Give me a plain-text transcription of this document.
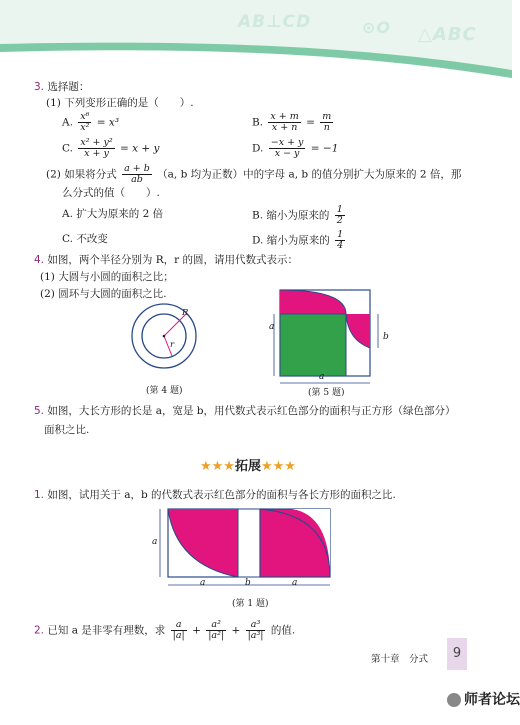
AB⊥CD	⊙O △ABC
3. 选择题：
(1) 下列变形正确的是（　　）.
A. $\frac{\text{x⁶}}{\text{x²}} = x^3$	B. $\frac{x + m}{x + n} = \frac{m}{n}$
C. $\frac{\text{x² + y²}}{x + y} = x + y$	D. $\frac{-x + y}{x - y} = -1$
(2) 如果将分式 $\frac{a + b}{ab} (a$, b 均为正数）中的字母 a, b 的值分别扩大为原来的 2 倍，那
么分式的值（　　）.
A. 扩大为原来的 2 倍	B. 缩小为原来的 $\frac{1}{2}$
C. 不改变	D. 缩小为原来的 $\frac{1}{4}$
4. 如图，两个半径分别为 R，r 的圆，请用代数式表示：
(1) 大圆与小圆的面积之比；
(2) 圆环与大圆的面积之比.
R
r
(第 4 题)
a
b
a
(第 5 题)
5. 如图，大长方形的长是 a，宽是 b，用代数式表示红色部分的面积与正方形（绿色部分）
面积之比.
★★★拓展★★★
1. 如图，试用关于 a，b 的代数式表示红色部分的面积与各长方形的面积之比.
a
a	b	a
(第 1 题)
2. 已知 a 是非零有理数，求 $\frac{a}{|a|} + \frac{\text{a²}}{\text{|a²|}} + \frac{\text{a³}}{\text{|a³|}}$ 的值.
第十章　分式	9
师者论坛
